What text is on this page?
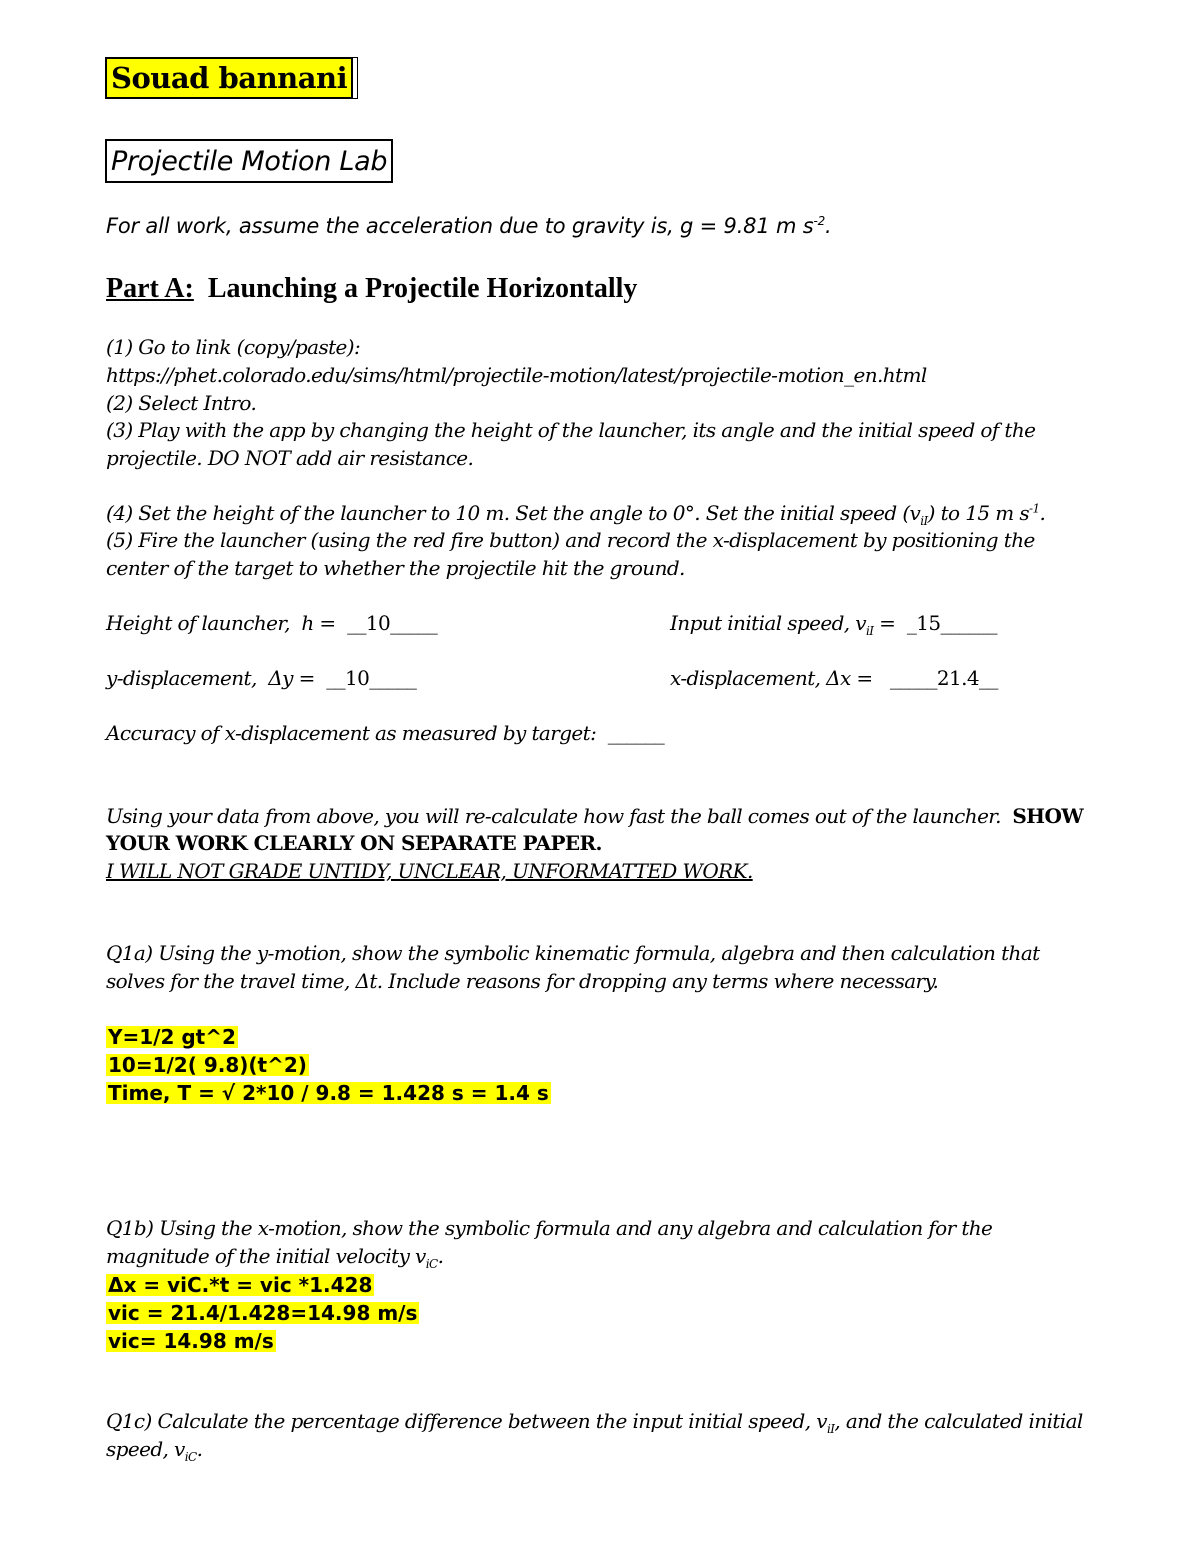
Souad bannani
Projectile Motion Lab
For all work, assume the acceleration due to gravity is, g = 9.81 m $s^{-2}$.
Part A: Launching a Projectile Horizontally
(1) Go to link (copy/paste):
https://phet.colorado.edu/sims/html/projectile-motion/latest/projectile-motion_en.html
(2) Select Intro.
(3) Play with the app by changing the height of the launcher, its angle and the initial speed of the
projectile. DO NOT add air resistance.
(4) Set the height of the launcher to 10 m. Set the angle to 0°. Set the initial speed $(v_{iI})$ to 15 m $s^{-1}$.
(5) Fire the launcher (using the red fire button) and record the x-displacement by positioning the
center of the target to whether the projectile hit the ground.
Height of launcher,  h =  __10_____	Input initial speed, $v_{iI}$ =  _15______
y-displacement,  Δy =  __10_____	x-displacement, Δx =   _____21.4__
Accuracy of x-displacement as measured by target:  ______
Using your data from above, you will re-calculate how fast the ball comes out of the launcher.  SHOW
YOUR WORK CLEARLY ON SEPARATE PAPER.
I WILL NOT GRADE UNTIDY, UNCLEAR, UNFORMATTED WORK.
Q1a) Using the y-motion, show the symbolic kinematic formula, algebra and then calculation that
solves for the travel time, Δt. Include reasons for dropping any terms where necessary.
Y=1/2 gt^2
10=1/2( 9.8)(t^2)
Time, T = √ 2*10 / 9.8 = 1.428 s = 1.4 s
Q1b) Using the x-motion, show the symbolic formula and any algebra and calculation for the
magnitude of the initial velocity $v_{iC}$.
Δx = viC.*t = vic *1.428
vic = 21.4/1.428=14.98 m/s
vic= 14.98 m/s
Q1c) Calculate the percentage difference between the input initial speed, $v_{iI}$, and the calculated initial
speed, $v_{iC}$.
